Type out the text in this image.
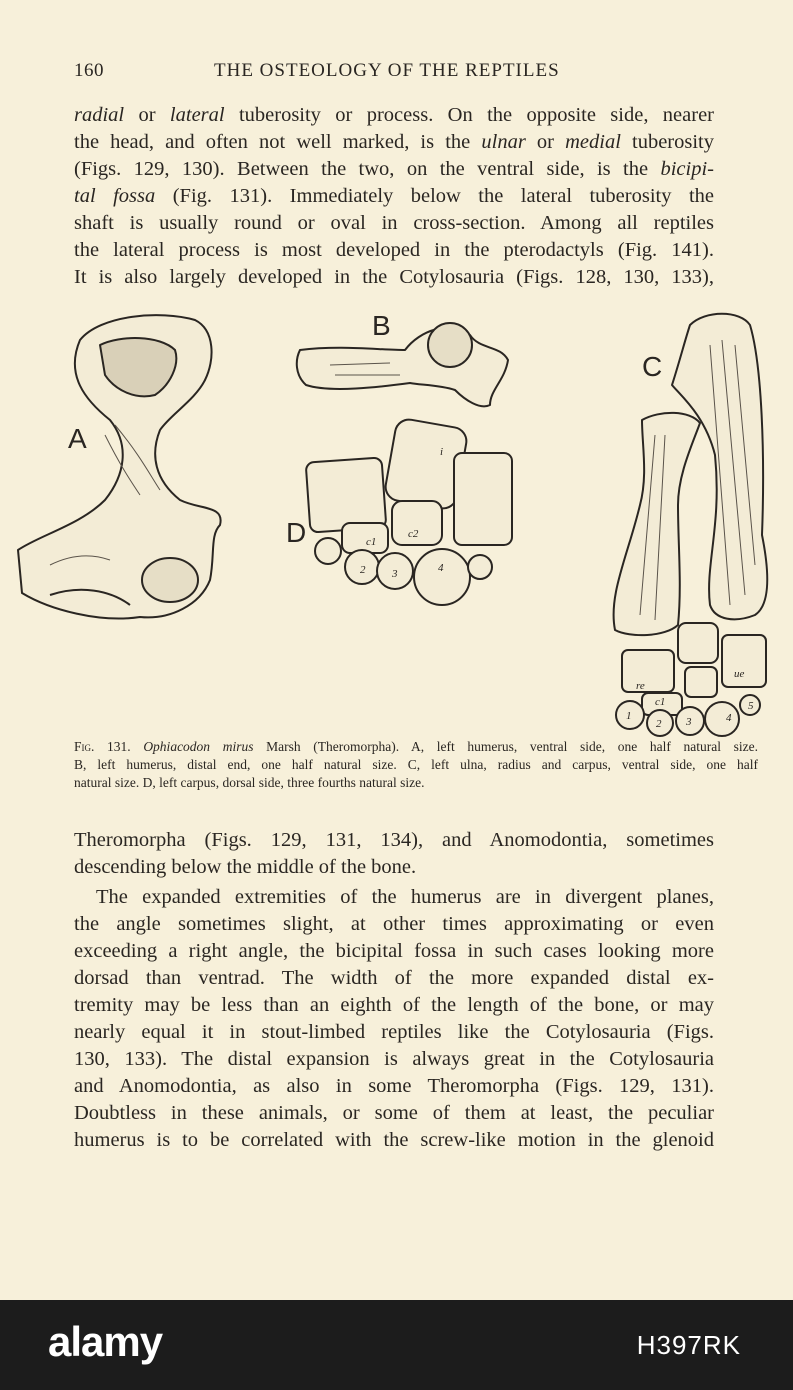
160	THE OSTEOLOGY OF THE REPTILES
radial or lateral tuberosity or process. On the opposite side, nearer
the head, and often not well marked, is the ulnar or medial tuberosity
(Figs. 129, 130). Between the two, on the ventral side, is the bicipi-
tal fossa (Fig. 131). Immediately below the lateral tuberosity the
shaft is usually round or oval in cross-section. Among all reptiles
the lateral process is most developed in the pterodactyls (Fig. 141).
It is also largely developed in the Cotylosauria (Figs. 128, 130, 133),
c1
c2
2 3	4
i
re
ue
c1
1
2 3	4
5
A
B
C
D
Fig. 131. Ophiacodon mirus Marsh (Theromorpha). A, left humerus, ventral side, one half natural size.
B, left humerus, distal end, one half natural size. C, left ulna, radius and carpus, ventral side, one half
natural size. D, left carpus, dorsal side, three fourths natural size.
Theromorpha (Figs. 129, 131, 134), and Anomodontia, sometimes
descending below the middle of the bone.
The expanded extremities of the humerus are in divergent planes,
the angle sometimes slight, at other times approximating or even
exceeding a right angle, the bicipital fossa in such cases looking more
dorsad than ventrad. The width of the more expanded distal ex-
tremity may be less than an eighth of the length of the bone, or may
nearly equal it in stout-limbed reptiles like the Cotylosauria (Figs.
130, 133). The distal expansion is always great in the Cotylosauria
and Anomodontia, as also in some Theromorpha (Figs. 129, 131).
Doubtless in these animals, or some of them at least, the peculiar
humerus is to be correlated with the screw-like motion in the glenoid
alamy	H397RK
